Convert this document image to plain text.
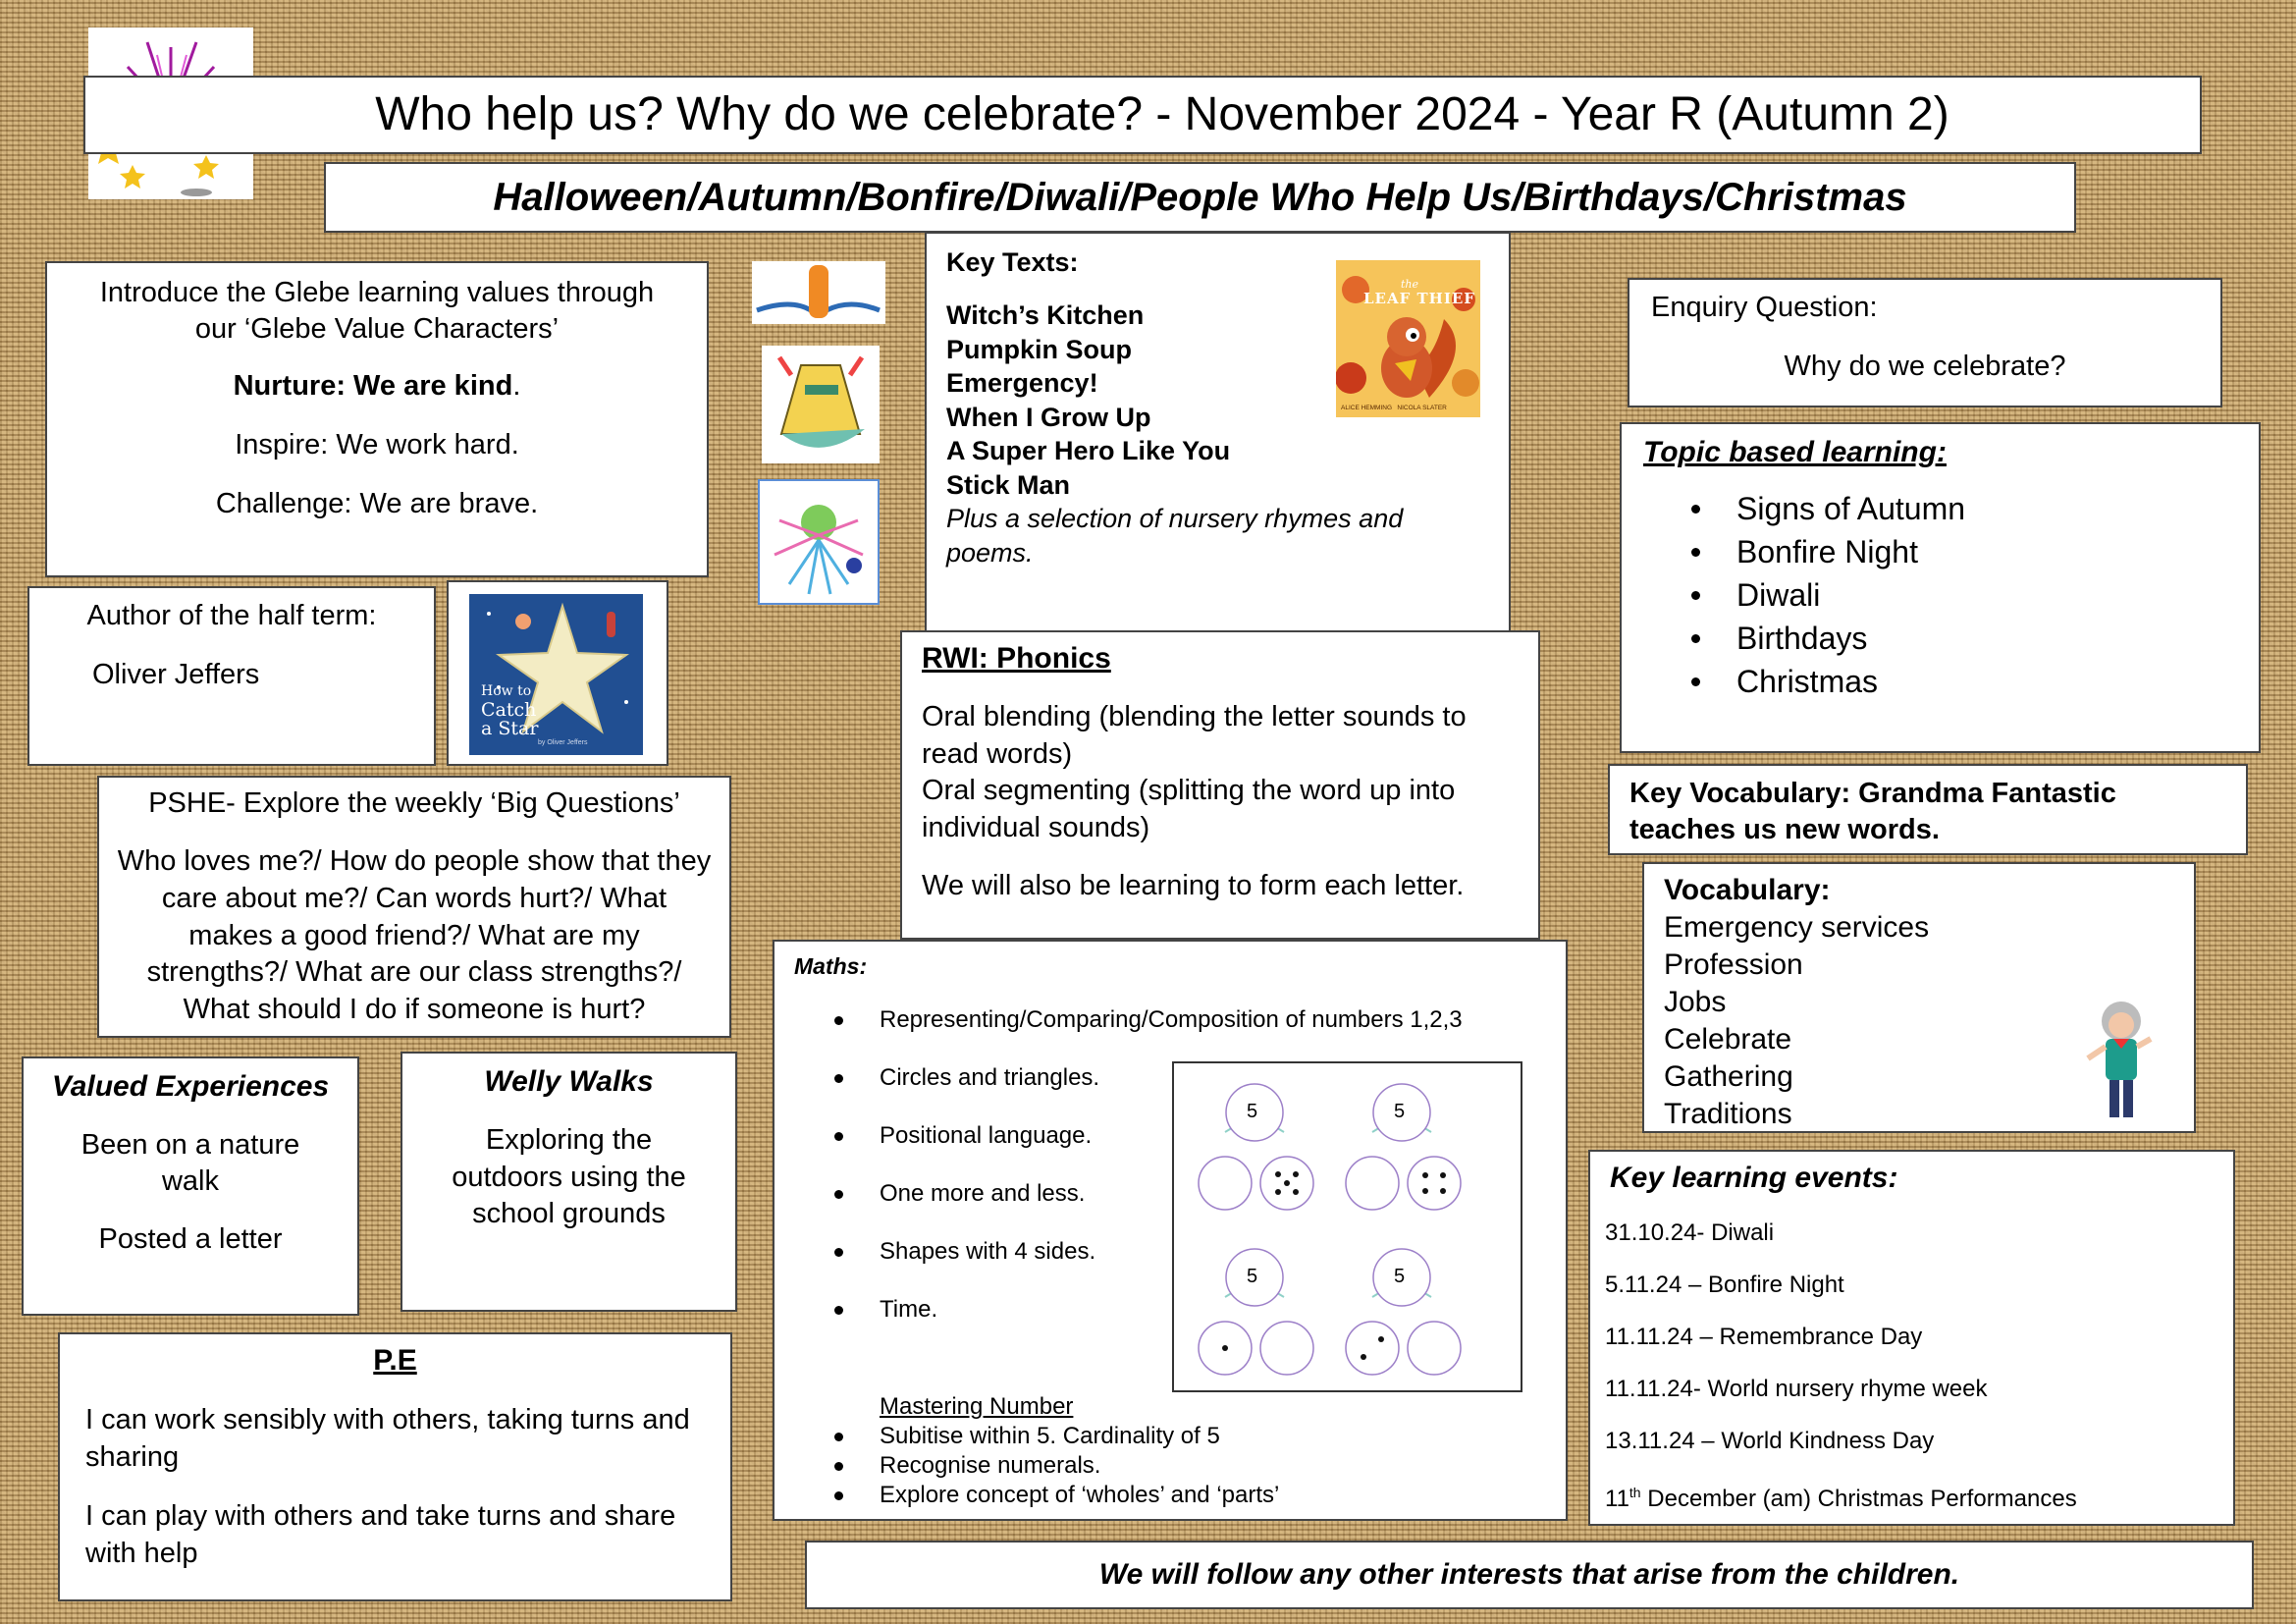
Who help us? Why do we celebrate? - November 2024 - Year R (Autumn 2)
Halloween/Autumn/Bonfire/Diwali/People Who Help Us/Birthdays/Christmas

Introduce the Glebe learning values through our ‘Glebe Value Characters’

Nurture: We are kind.

Inspire: We work hard.

Challenge: We are brave.

Key Texts:

Witch’s Kitchen

Pumpkin Soup

Emergency!

When I Grow Up

A Super Hero Like You

Stick Man

Plus a selection of nursery rhymes and poems.

the
LEAF THIEF
ALICE HEMMING   NICOLA SLATER

Enquiry Question:

Why do we celebrate?

Topic based learning:

Signs of Autumn
Bonfire Night
Diwali
Birthdays
Christmas

Author of the half term:

Oliver Jeffers

How to
Catch
a Star
by Oliver Jeffers

RWI: Phonics

Oral blending (blending the letter sounds to read words)

Oral segmenting (splitting the word up into individual sounds)

We will also be learning to form each letter.

Key Vocabulary: Grandma Fantastic teaches us new words.

Vocabulary:

Emergency services

Profession

Jobs

Celebrate

Gathering

Traditions

PSHE- Explore the weekly ‘Big Questions’

Who loves me?/ How do people show that they care about me?/ Can words hurt?/ What makes a good friend?/ What are my strengths?/ What are our class strengths?/ What should I do if someone is hurt?

Maths:

Representing/Comparing/Composition of numbers 1,2,3
Circles and triangles.
Positional language.
One more and less.
Shapes with 4 sides.
Time.

Mastering Number

Subitise within 5. Cardinality of 5
Recognise numerals.
Explore concept of ‘wholes’ and ‘parts’
5	5
5	5

Valued Experiences

Been on a nature walk

Posted a letter

Welly Walks

Exploring the outdoors using the school grounds

Key learning events:

31.10.24- Diwali

5.11.24 – Bonfire Night

11.11.24 – Remembrance Day

11.11.24- World nursery rhyme week

13.11.24 – World Kindness Day

11th December (am) Christmas Performances

P.E

I can work sensibly with others, taking turns and sharing

I can play with others and take turns and share with help

We will follow any other interests that arise from the children.
